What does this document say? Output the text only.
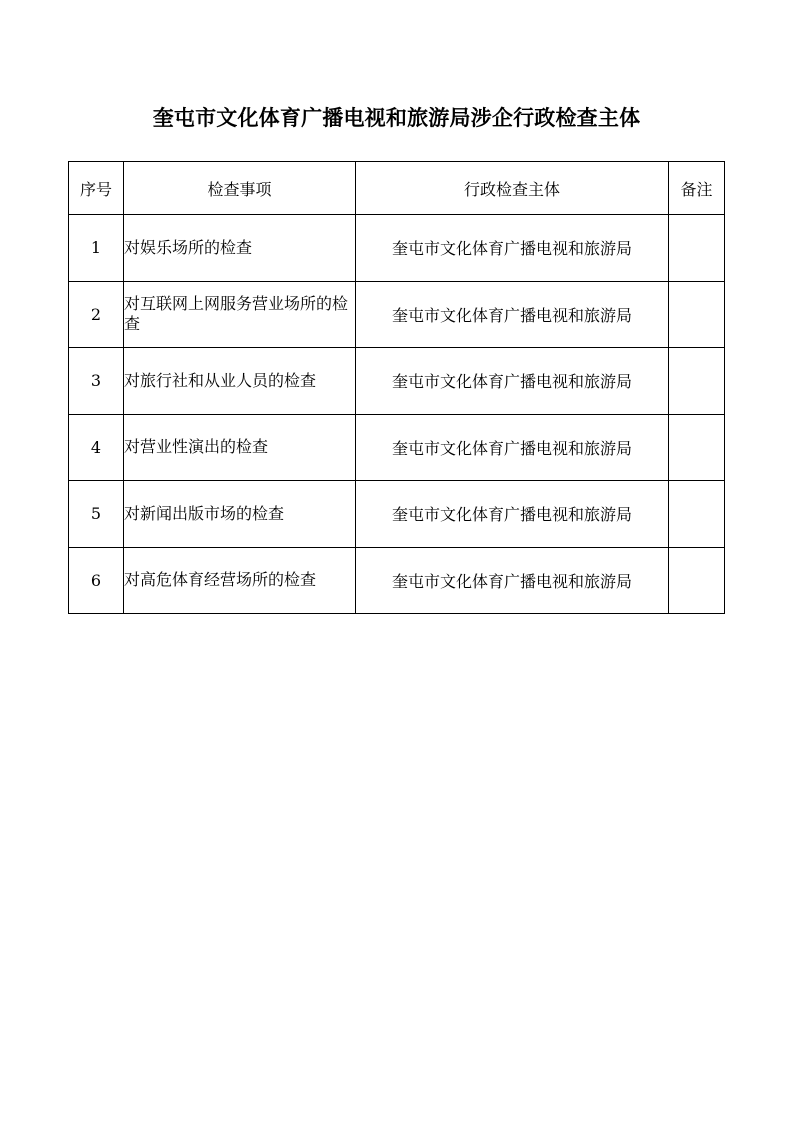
奎屯市文化体育广播电视和旅游局涉企行政检查主体
序号	检查事项	行政检查主体	备注
1	对娱乐场所的检查	奎屯市文化体育广播电视和旅游局	
2	对互联网上网服务营业场所的检查	奎屯市文化体育广播电视和旅游局	
3	对旅行社和从业人员的检查	奎屯市文化体育广播电视和旅游局	
4	对营业性演出的检查	奎屯市文化体育广播电视和旅游局	
5	对新闻出版市场的检查	奎屯市文化体育广播电视和旅游局	
6	对高危体育经营场所的检查	奎屯市文化体育广播电视和旅游局	
